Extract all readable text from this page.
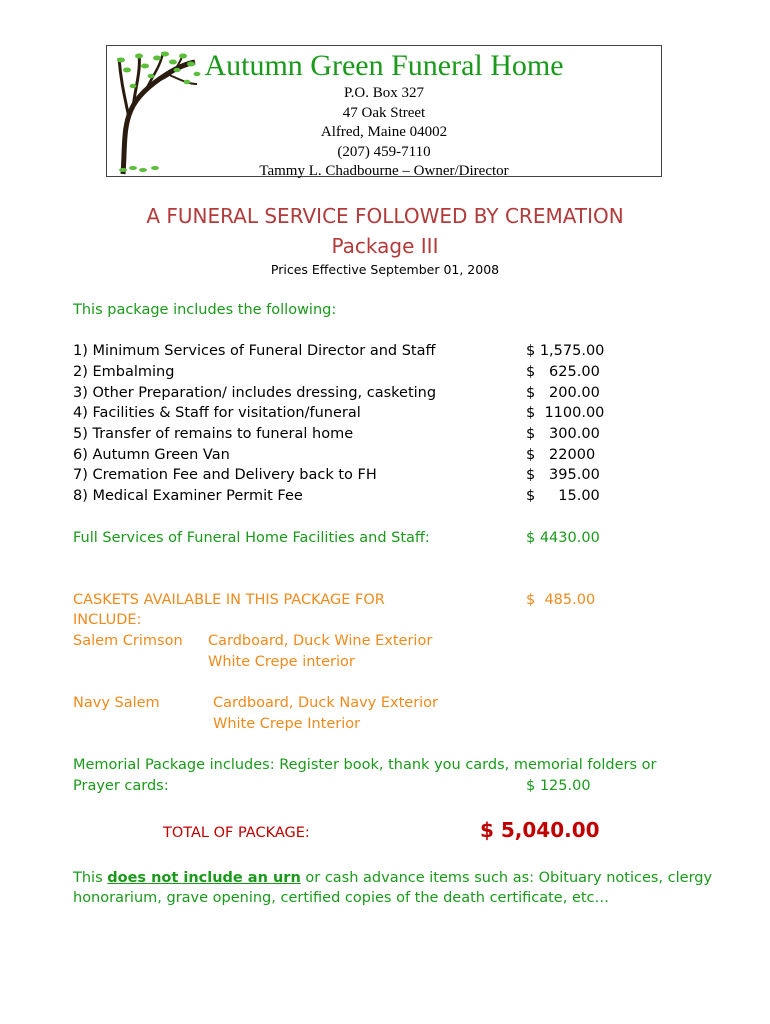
Autumn Green Funeral Home
P.O. Box 327
47 Oak Street
Alfred, Maine 04002
(207) 459-7110
Tammy L. Chadbourne – Owner/Director
A FUNERAL SERVICE FOLLOWED BY CREMATION
Package III
Prices Effective September 01, 2008
This package includes the following:
1) Minimum Services of Funeral Director and Staff	$ 1,575.00
2) Embalming	$   625.00
3) Other Preparation/ includes dressing, casketing	$   200.00
4) Facilities & Staff for visitation/funeral	$  1100.00
5) Transfer of remains to funeral home	$   300.00
6) Autumn Green Van	$   22000
7) Cremation Fee and Delivery back to FH	$   395.00
8) Medical Examiner Permit Fee	$     15.00
Full Services of Funeral Home Facilities and Staff:	$ 4430.00
CASKETS AVAILABLE IN THIS PACKAGE FOR	$  485.00
INCLUDE:
Salem Crimson Cardboard, Duck Wine Exterior
White Crepe interior
Navy Salem	Cardboard, Duck Navy Exterior
White Crepe Interior
Memorial Package includes: Register book, thank you cards, memorial folders or
Prayer cards:	$ 125.00
TOTAL OF PACKAGE:	$ 5,040.00
This does not include an urn or cash advance items such as: Obituary notices, clergy
honorarium, grave opening, certified copies of the death certificate, etc…
